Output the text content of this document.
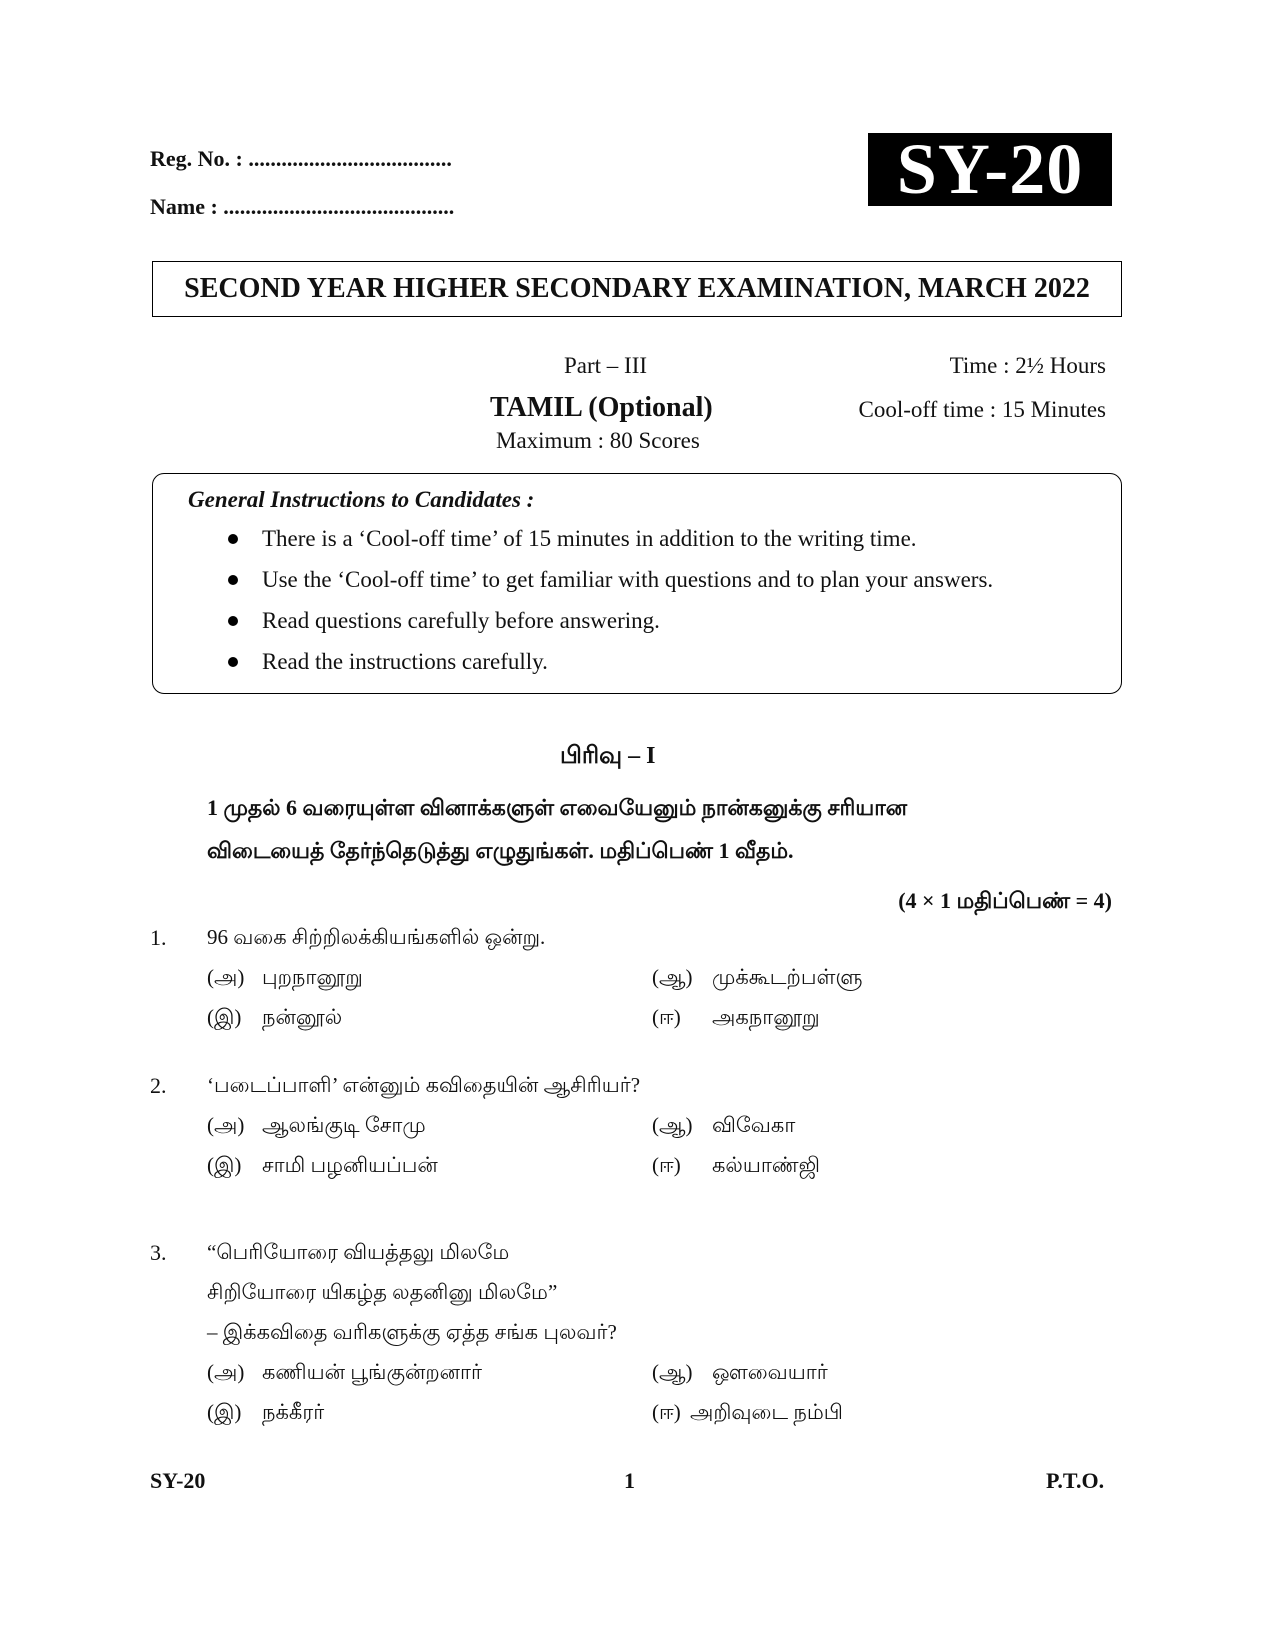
Reg. No. : .....................................
Name : ..........................................	SY-20
SECOND YEAR HIGHER SECONDARY EXAMINATION, MARCH 2022
Part – III	Time : 2½ Hours
TAMIL (Optional)	Cool-off time : 15 Minutes
Maximum : 80 Scores
General Instructions to Candidates :
There is a ‘Cool-off time’ of 15 minutes in addition to the writing time.
Use the ‘Cool-off time’ to get familiar with questions and to plan your answers.
Read questions carefully before answering.
Read the instructions carefully.
பிரிவு – I
1 முதல் 6 வரையுள்ள வினாக்களுள் எவையேனும் நான்கனுக்கு சரியான
விடையைத் தேர்ந்தெடுத்து எழுதுங்கள். மதிப்பெண் 1 வீதம்.
(4 × 1 மதிப்பெண் = 4)
1. 96 வகை சிற்றிலக்கியங்களில் ஒன்று.
(அ) புறநானூறு	(ஆ) முக்கூடற்பள்ளு
(இ) நன்னூல்	(ஈ) அகநானூறு
2. ‘படைப்பாளி’ என்னும் கவிதையின் ஆசிரியர்?
(அ) ஆலங்குடி சோமு	(ஆ) விவேகா
(இ) சாமி பழனியப்பன்	(ஈ) கல்யாண்ஜி
3. “பெரியோரை வியத்தலு மிலமே
சிறியோரை யிகழ்த லதனினு மிலமே”
– இக்கவிதை வரிகளுக்கு ஏத்த சங்க புலவர்?
(அ) கணியன் பூங்குன்றனார்	(ஆ) ஔவையார்
(இ) நக்கீரர்	(ஈ) அறிவுடை நம்பி
SY-20	1	P.T.O.
